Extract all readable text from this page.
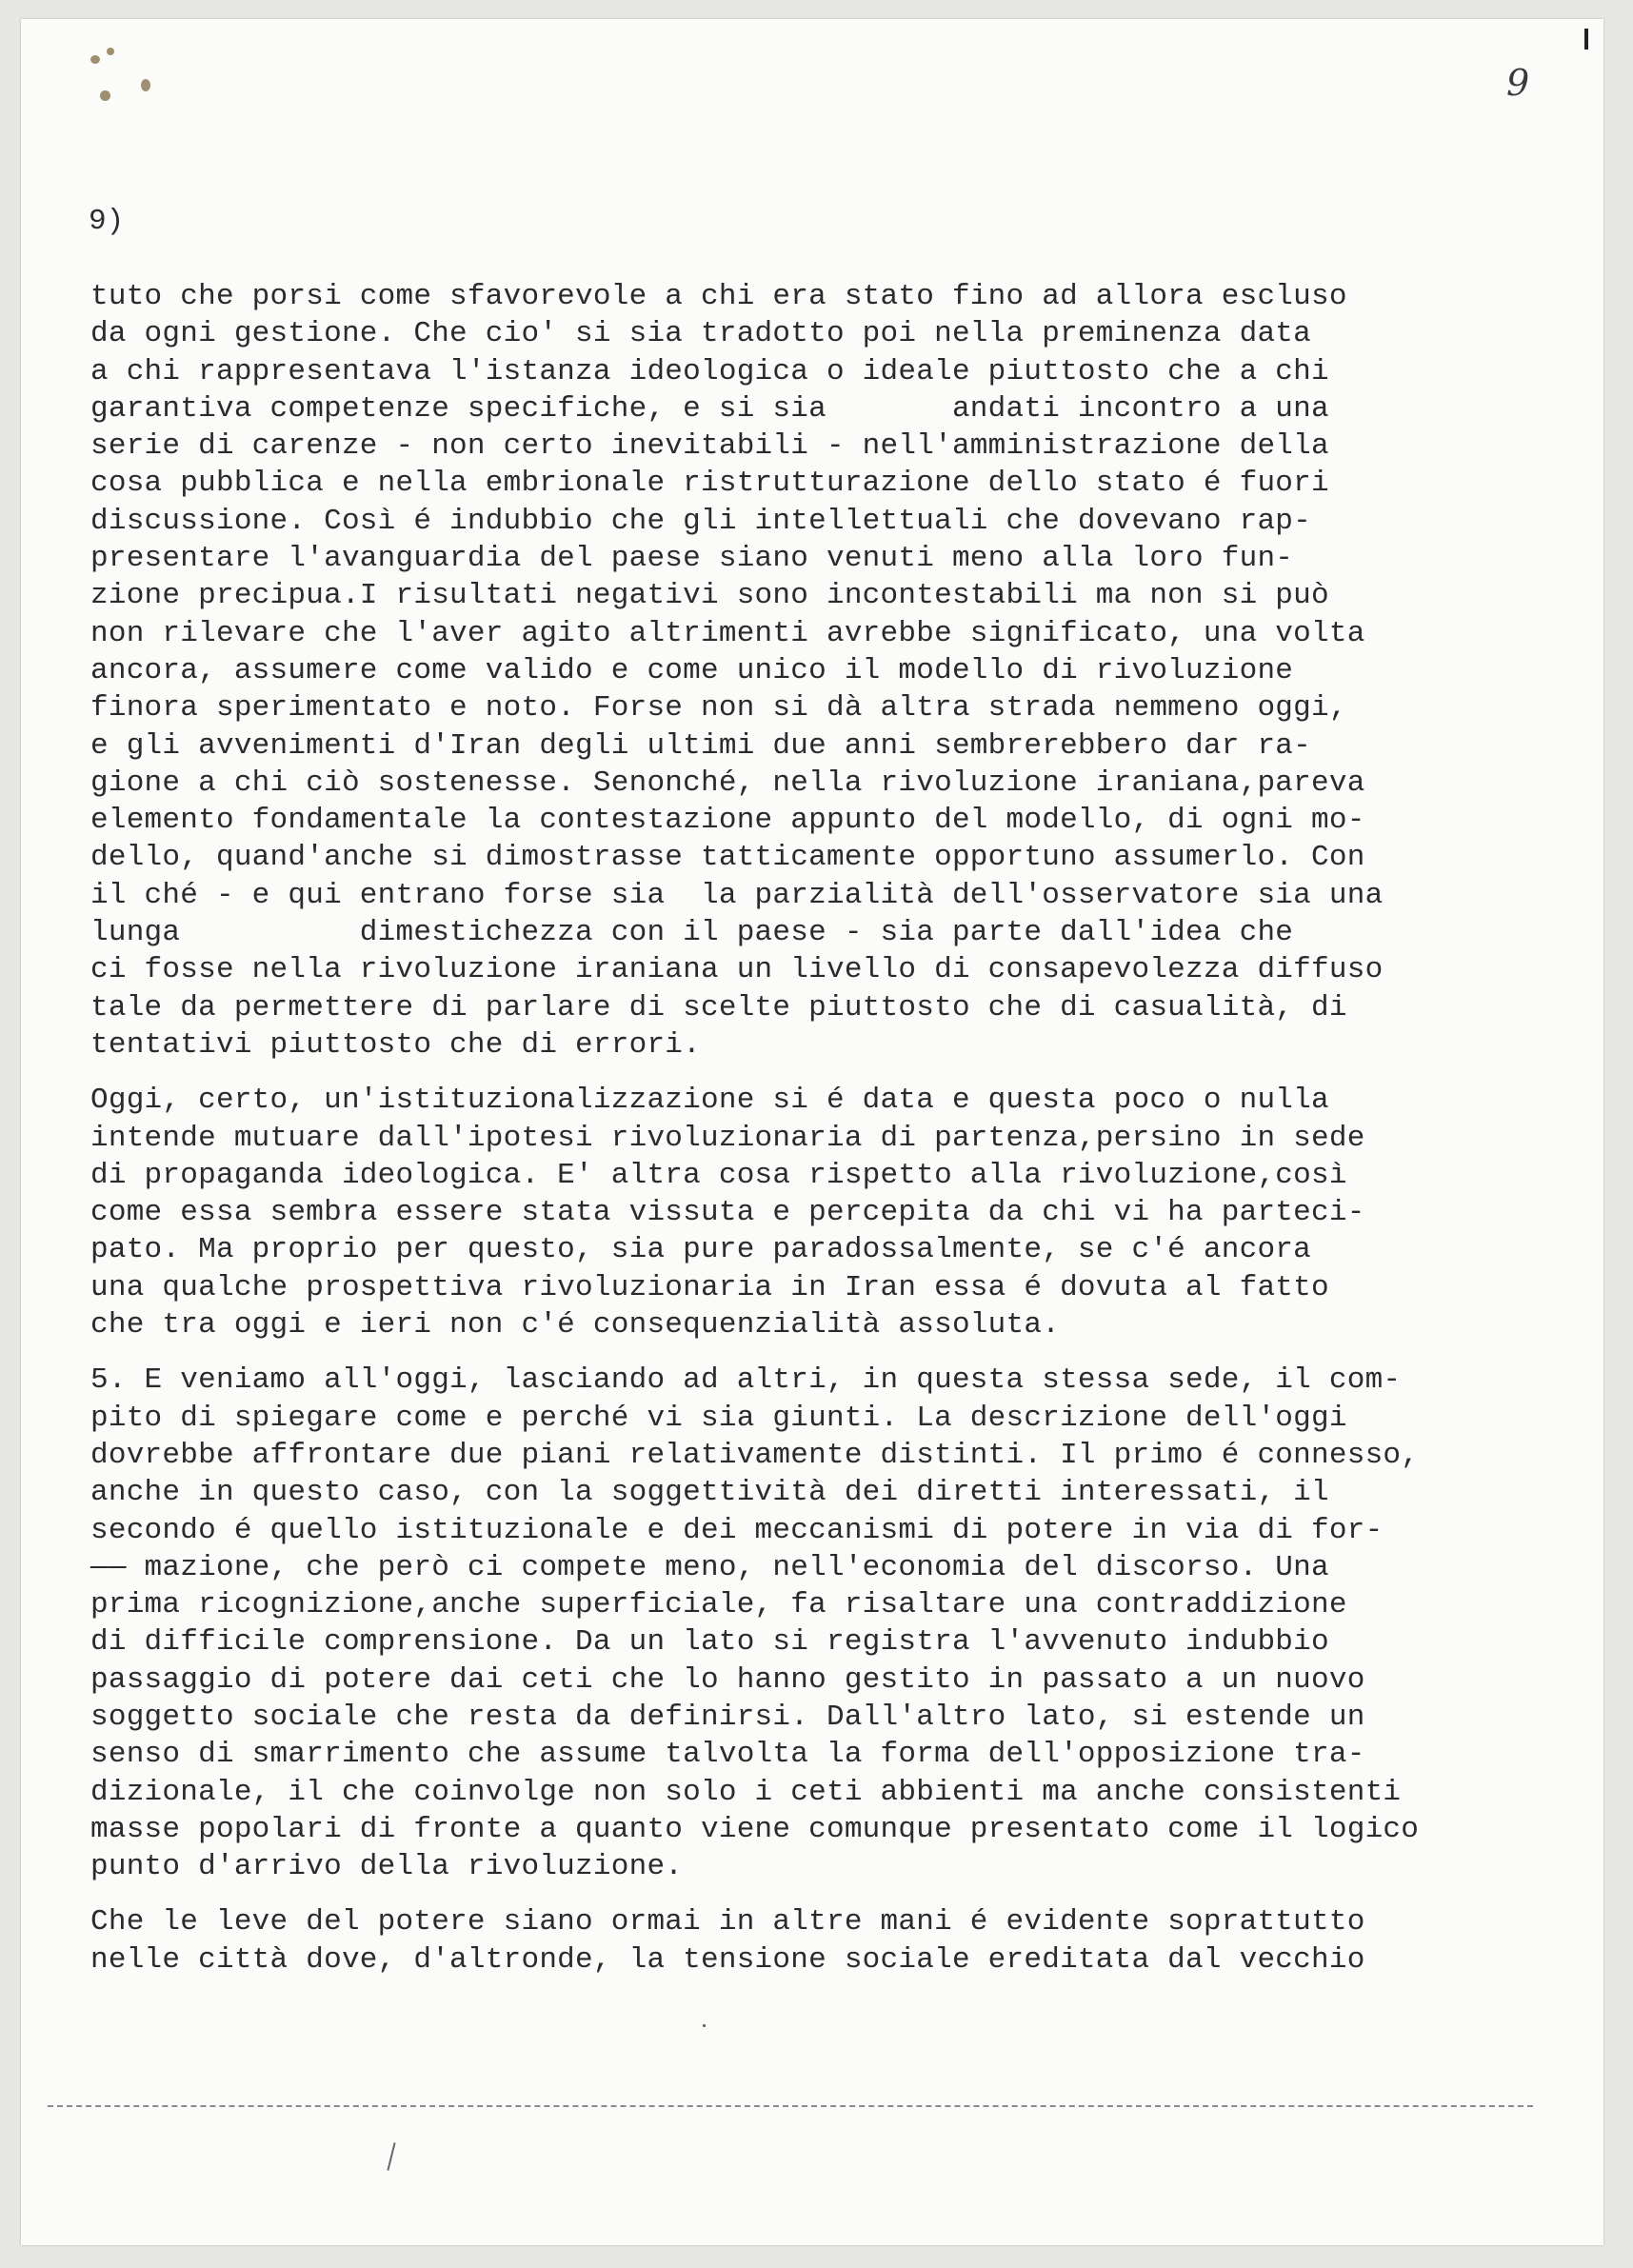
9
9)
tuto che porsi come sfavorevole a chi era stato fino ad allora escluso
da ogni gestione. Che cio' si sia tradotto poi nella preminenza data
a chi rappresentava l'istanza ideologica o ideale piuttosto che a chi
garantiva competenze specifiche, e si sia       andati incontro a una
serie di carenze - non certo inevitabili - nell'amministrazione della
cosa pubblica e nella embrionale ristrutturazione dello stato é fuori
discussione. Così é indubbio che gli intellettuali che dovevano rap-
presentare l'avanguardia del paese siano venuti meno alla loro fun-
zione precipua.I risultati negativi sono incontestabili ma non si può
non rilevare che l'aver agito altrimenti avrebbe significato, una volta
ancora, assumere come valido e come unico il modello di rivoluzione
finora sperimentato e noto. Forse non si dà altra strada nemmeno oggi,
e gli avvenimenti d'Iran degli ultimi due anni sembrerebbero dar ra-
gione a chi ciò sostenesse. Senonché, nella rivoluzione iraniana,pareva
elemento fondamentale la contestazione appunto del modello, di ogni mo-
dello, quand'anche si dimostrasse tatticamente opportuno assumerlo. Con
il ché - e qui entrano forse sia  la parzialità dell'osservatore sia una
lunga          dimestichezza con il paese - sia parte dall'idea che
ci fosse nella rivoluzione iraniana un livello di consapevolezza diffuso
tale da permettere di parlare di scelte piuttosto che di casualità, di
tentativi piuttosto che di errori.
Oggi, certo, un'istituzionalizzazione si é data e questa poco o nulla
intende mutuare dall'ipotesi rivoluzionaria di partenza,persino in sede
di propaganda ideologica. E' altra cosa rispetto alla rivoluzione,così
come essa sembra essere stata vissuta e percepita da chi vi ha parteci-
pato. Ma proprio per questo, sia pure paradossalmente, se c'é ancora
una qualche prospettiva rivoluzionaria in Iran essa é dovuta al fatto
che tra oggi e ieri non c'é consequenzialità assoluta.
5. E veniamo all'oggi, lasciando ad altri, in questa stessa sede, il com-
pito di spiegare come e perché vi sia giunti. La descrizione dell'oggi
dovrebbe affrontare due piani relativamente distinti. Il primo é connesso,
anche in questo caso, con la soggettività dei diretti interessati, il
secondo é quello istituzionale e dei meccanismi di potere in via di for-
—— mazione, che però ci compete meno, nell'economia del discorso. Una
prima ricognizione,anche superficiale, fa risaltare una contraddizione
di difficile comprensione. Da un lato si registra l'avvenuto indubbio
passaggio di potere dai ceti che lo hanno gestito in passato a un nuovo
soggetto sociale che resta da definirsi. Dall'altro lato, si estende un
senso di smarrimento che assume talvolta la forma dell'opposizione tra-
dizionale, il che coinvolge non solo i ceti abbienti ma anche consistenti
masse popolari di fronte a quanto viene comunque presentato come il logico
punto d'arrivo della rivoluzione.
Che le leve del potere siano ormai in altre mani é evidente soprattutto
nelle città dove, d'altronde, la tensione sociale ereditata dal vecchio
